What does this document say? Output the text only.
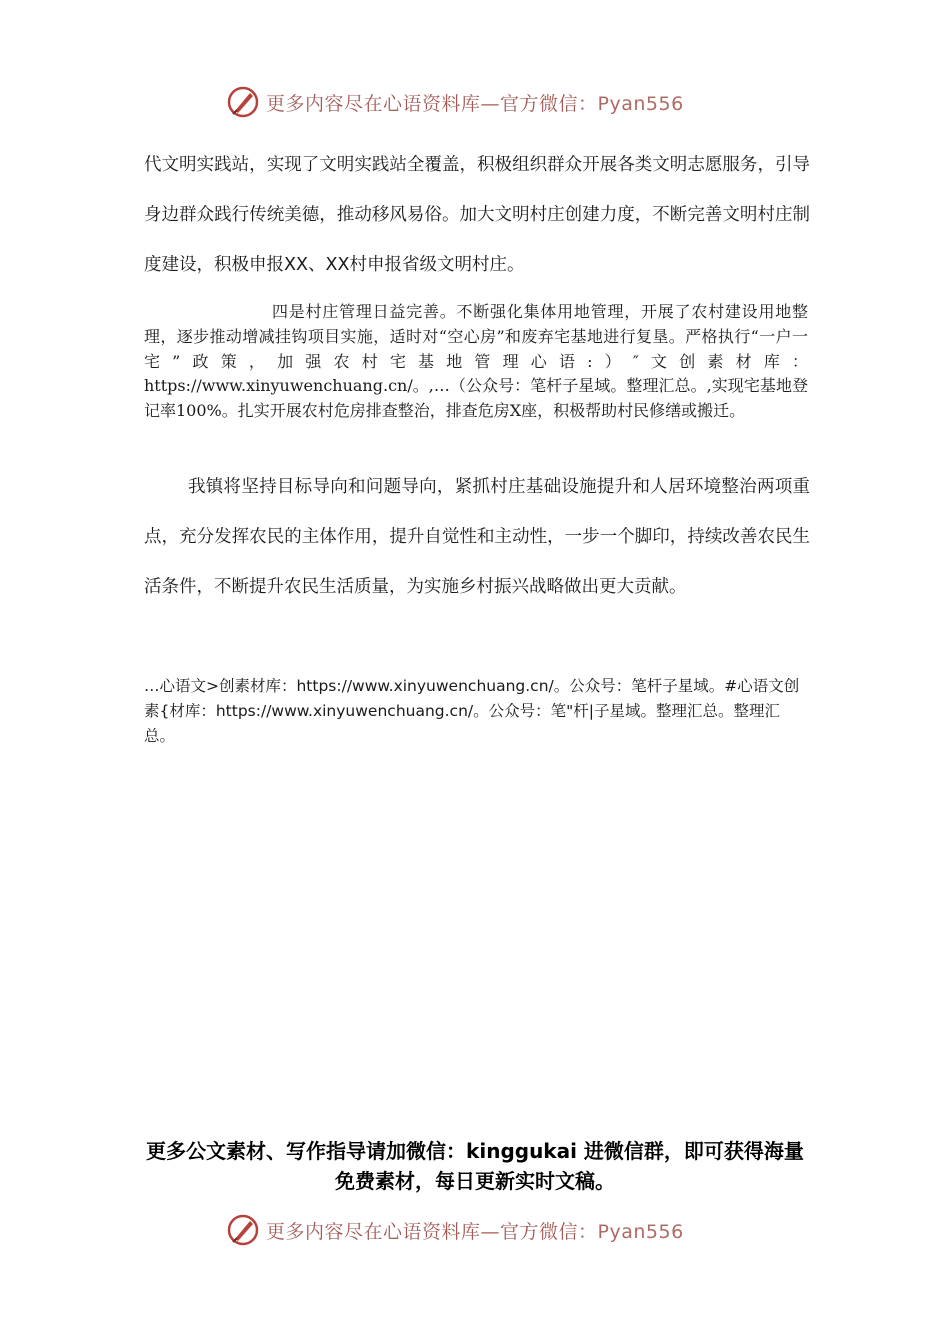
更多内容尽在心语资料库—官方微信：Pyan556

代文明实践站，实现了文明实践站全覆盖，积极组织群众开展各类文明志愿服务，引导身边群众践行传统美德，推动移风易俗。加大文明村庄创建力度，不断完善文明村庄制度建设，积极申报XX、XX村申报省级文明村庄。

四是村庄管理日益完善。不断强化集体用地管理，开展了农村建设用地整理，逐步推动增减挂钩项目实施，适时对“空心房”和废弃宅基地进行复垦。严格执行“一户一宅”政策，加强农村宅基地管理心语:）″文创素材库：https://www.xinyuwenchuang.cn/。,…（公众号：笔杆子星域。整理汇总。,实现宅基地登记率100%。扎实开展农村危房排查整治，排查危房X座，积极帮助村民修缮或搬迁。

我镇将坚持目标导向和问题导向，紧抓村庄基础设施提升和人居环境整治两项重点，充分发挥农民的主体作用，提升自觉性和主动性，一步一个脚印，持续改善农民生活条件，不断提升农民生活质量，为实施乡村振兴战略做出更大贡献。

…心语文>创素材库：https://www.xinyuwenchuang.cn/。公众号：笔杆子星域。#心语文创素{材库：https://www.xinyuwenchuang.cn/。公众号：笔"杆|子星域。整理汇总。整理汇总。

更多公文素材、写作指导请加微信：kinggukai 进微信群，即可获得海量免费素材，每日更新实时文稿。

更多内容尽在心语资料库—官方微信：Pyan556
